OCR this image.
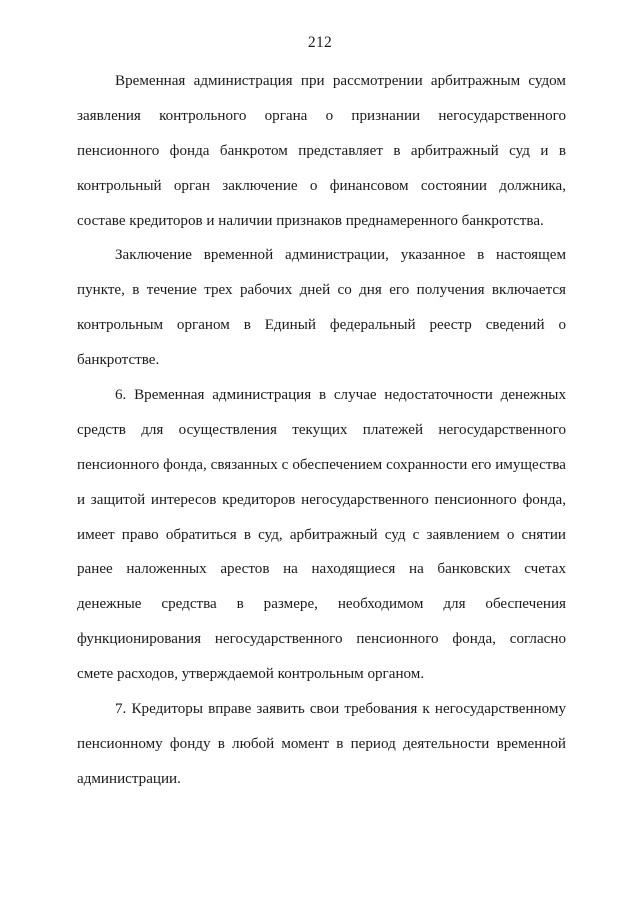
212
Временная администрация при рассмотрении арбитражным судом
заявления контрольного органа о признании негосударственного
пенсионного фонда банкротом представляет в арбитражный суд и в
контрольный орган заключение о финансовом состоянии должника,
составе кредиторов и наличии признаков преднамеренного банкротства.
Заключение временной администрации, указанное в настоящем
пункте, в течение трех рабочих дней со дня его получения включается
контрольным органом в Единый федеральный реестр сведений о
банкротстве.
6. Временная администрация в случае недостаточности денежных
средств для осуществления текущих платежей негосударственного
пенсионного фонда, связанных с обеспечением сохранности его имущества
и защитой интересов кредиторов негосударственного пенсионного фонда,
имеет право обратиться в суд, арбитражный суд с заявлением о снятии
ранее наложенных арестов на находящиеся на банковских счетах
денежные средства в размере, необходимом для обеспечения
функционирования негосударственного пенсионного фонда, согласно
смете расходов, утверждаемой контрольным органом.
7. Кредиторы вправе заявить свои требования к негосударственному
пенсионному фонду в любой момент в период деятельности временной
администрации.
